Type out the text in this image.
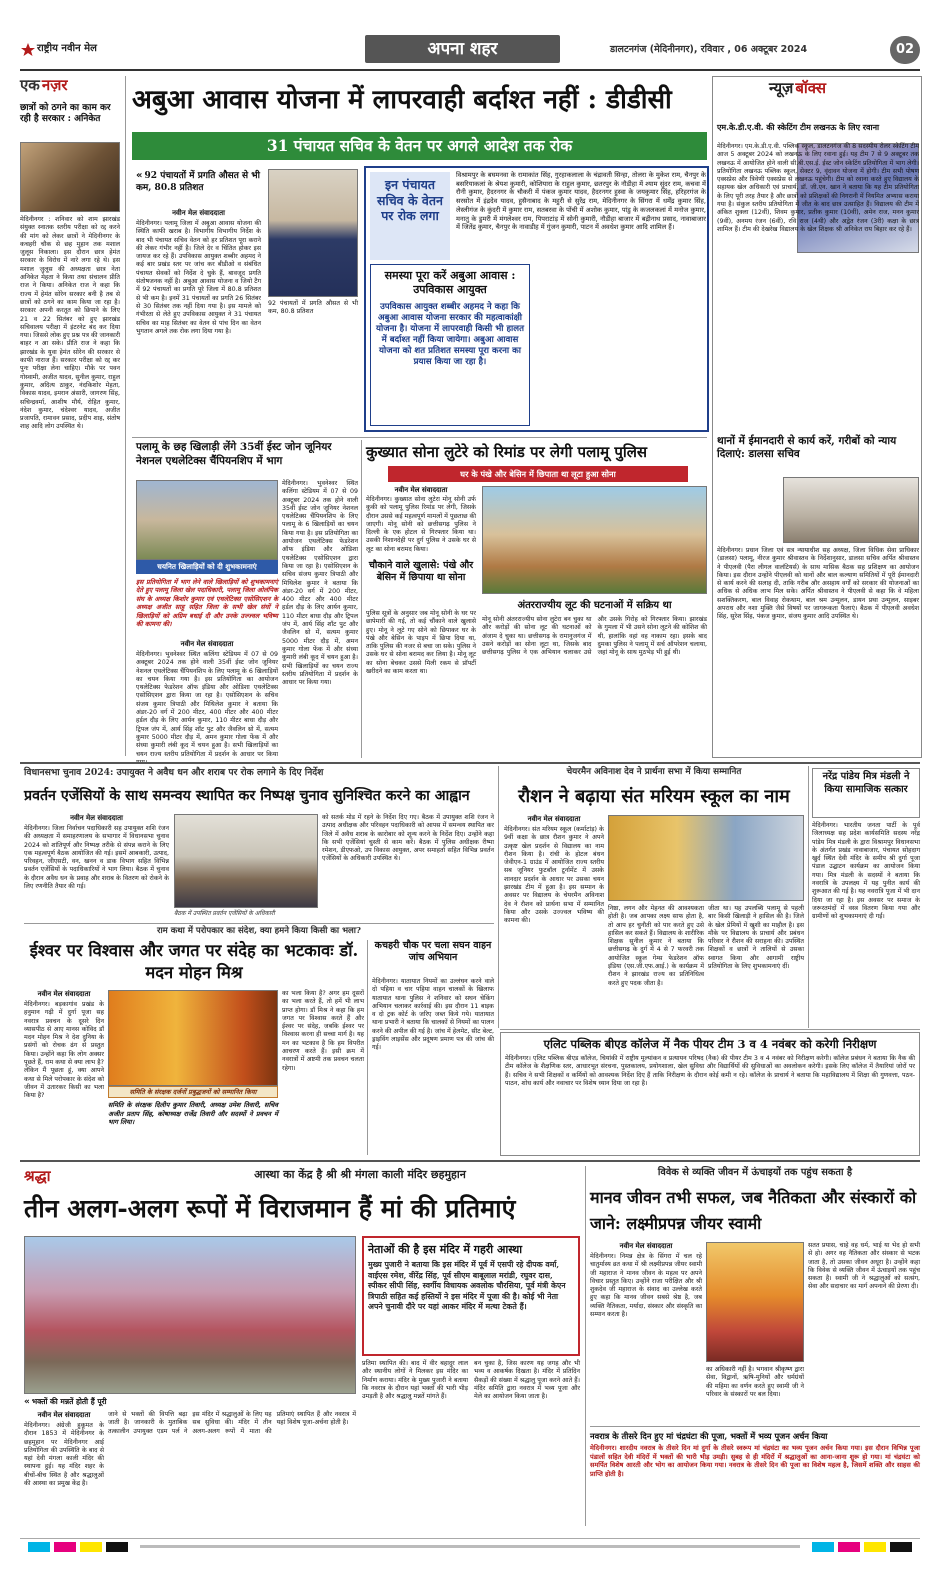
राष्ट्रीय नवीन मेल	अपना शहर	डालटनगंज (मेदिनीनगर), रविवार , 06 अक्टूबर 2024	02
एक नज़र
छात्रों को ठगने का काम कर रही है सरकार : अनिकेत
मेदिनीनगर : शनिवार को शाम झारखंड संयुक्त स्नातक स्तरीय परीक्षा को रद्द करने की मांग को लेकर छात्रों ने मेदिनीनगर के कचहरी चौक से छह मुहान तक मशाल जुलूस निकाला। इस दौरान छात्र हेमंत सरकार के विरोध में नारे लगा रहे थे। इस मशाल जुलूस की अध्यक्षता छात्र नेता अनिकेत मेहता ने किया तथा संचालन प्रीति राज ने किया। अनिकेत राज ने कहा कि राज्य में हेमंत सोरेन सरकार बनी है तब से छात्रों को ठगने का काम किया जा रहा है। सरकार अपनी करतूत को छिपाने के लिए 21 व 22 सितंबर को हुए झारखंड सचिवालय परीक्षा में इंटरनेट बंद कर दिया गया। जिससे लोक हुए प्रश्न पत्र की जानकारी बाहर न आ सके। प्रीति राज ने कहा कि झारखंड के युवा हेमंत सोरेन की सरकार से काफी नाराज हैं। सरकार परीक्षा को रद्द कर पुनः परीक्षा लेना चाहिए। मौके पर पवन गोस्वामी, अजीत यादव, सुनील कुमार, राहुल कुमार, अदित्य ठाकुर, नंदकिशोर मेहता, विकास यादव, इमरान अंसारी, जागरण सिंह, सचिन्द्रवर्मा, आशीष मौर्य, रोहित कुमार, नंदेश कुमार, चंदेश्वर यादव, अजीत प्रजापति, रामावन प्रसाद, प्रदीप शाह, संतोष शाह आदि लोग उपस्थित थे।
अबुआ आवास योजना में लापरवाही बर्दाश्त नहीं : डीडीसी
31 पंचायत सचिव के वेतन पर अगले आदेश तक रोक
« 92 पंचायतों में प्रगति औसत से भी कम, 80.8 प्रतिशत
नवीन मेल संवाददाता
मेदिनीनगर। पलामू जिला में अबुआ आवास योजना की स्थिति काफी खराब है। विभागीय विभागीय निर्देश के बाद भी पंचायत सचिव वेतन को हर प्रतिशत पूरा कराने की लेकर गंभीर नहीं है। जिले देर व चिंतित होकर इस जायज कर रहे हैं। उपविकास आयुक्त शब्बीर अहमद ने कई बार प्रखंड स्तर पर जांच कर बीडीओ व संबंधित पंचायत सेवकों को निर्देश दे चुके हैं, बावजूद प्रगति संतोषजनक नहीं है। अबुआ आवास योजना व जियो टैग में 92 पंचायतों का प्रगति पूरे जिला में 80.8 प्रतिशत से भी कम है। इनमें 31 पंचायतों का प्रगति 26 सितंबर से 30 सितंबर तक नहीं दिया गया है। इस मामले को गंभीरता से लेते हुए उपविकास आयुक्त ने 31 पंचायत सचिव का माह सितंबर का वेतन से पांच दिन का वेतन भुगतान अगले तक रोक लगा दिया गया है।
92 पंचायतों में प्रगति औसत से भी कम, 80.8 प्रतिशत
इन पंचायत सचिव के वेतन पर रोक लगा
विश्रामपुर के बघमनवा के रामाकांत सिंह, गुरहाकलाला के चंद्रावती सिन्हा, तोलरा के मुकेश राम, चैनपुर के बसरियाकलां के श्रेयश कुमारी, कोशियारा के राहुल कुमार, छतरपुर के नौडीहा में श्याम सुंदर राम, कचवा में रौनी कुमार, हैदरनगर के चौकरी में पंकज कुमार यादव, हैदरनगर हुस्वा के जयकुमार सिंह, हरिहरगंज के सरसोत में इंद्रदेव यादव, हुसैनाबाद के महुरी से सुरेंद्र राम, मेदिनीनगर के सिंगरा में धर्मेंद्र कुमार सिंह, लेस्लीगंज के कुंदरी में कुमार राम, सतबरवा के पोंची में अशोक कुमार, पांडु के कजलकलां में मनोज कुमार, मनातु के डुमरी में मंगलेश्वर राम, पिपराटांड़ में सोनी कुमारी, नौडीहा बाजार में बद्रीनाथ प्रसाद, नावाबाजार में जितेंद्र कुमार, चैनपुर के नावाडीह में गुंजन कुमारी, पाटन में अवधेश कुमार आदि शामिल हैं।
समस्या पूरा करें अबुआ आवास : उपविकास आयुक्त
उपविकास आयुक्त शब्बीर अहमद ने कहा कि अबुआ आवास योजना सरकार की महत्वाकांक्षी योजना है। योजना में लापरवाही किसी भी हालत में बर्दाश्त नहीं किया जायेगा। अबुआ आवास योजना को शत प्रतिशत समस्या पूरा करना का प्रयास किया जा रहा है।
न्यूज़ बॉक्स
एम.के.डी.ए.वी. की स्केटिंग टीम लखनऊ के लिए रवाना
मेदिनीनगर। एम.के.डी.ए.वी. पब्लिक स्कूल, डालटनगंज की 8 सदस्यीय रोलर स्केटिंग टीम आज 5 अक्टूबर 2024 को लखनऊ के लिए रवाना हुई। यह टीम 7 से 9 अक्टूबर तक लखनऊ में आयोजित होने वाली सी.बी.एस.ई. ईस्ट जोन स्केटिंग प्रतियोगिता में भाग लेगी। प्रतियोगिता लखनऊ पब्लिक स्कूल, सेक्टर 9, वृंदावन योजना में होगी। टीम सभी पोषण एक्सप्रेस और त्रिवेणी एक्सप्रेस से लखनऊ पहुंचेगी। टीम को रवाना करते हुए विद्यालय के सहायक खेल अधिकारी एवं प्राचार्य, डॉ. जी.एन. खान ने बताया कि यह टीम प्रतियोगिता के लिए पूरी तरह तैयार है और छात्रों को प्रशिक्षकों की निगरानी में नियमित अभ्यास कराया गया है। संकुल स्तरीय प्रतियोगिता में जीत के बाद छात्र उत्साहित हैं। विद्यालय की टीम में अंकित शुक्ला (12वीं), शिवम कुमार, प्रतीक कुमार (10वीं), अमेन राज, मनन कुमार (9वीं), अनमय रंजन (6वीं), रवि राज (4थी) और अद्वेत रंजन (3री) कक्षा के छात्र शामिल हैं। टीम की देखरेख विद्यालय के खेल शिक्षक श्री अनिकेत राय बिहार कर रहे हैं।
थानों में ईमानदारी से कार्य करें, गरीबों को न्याय दिलाएं: डालसा सचिव
मेदिनीनगर। प्रधान जिला एवं सत्र न्यायाधीश सह अध्यक्ष, जिला विधिक सेवा प्राधिकार (डालसा) पलामू, नीरज कुमार श्रीवास्तव के निर्देशानुसार, डालसा सचिव अर्पित श्रीवास्तव ने पीएलवी (पैरा लीगल वालंटियर्स) के साथ मासिक बैठक सह प्रशिक्षण का आयोजन किया। इस दौरान उन्होंने पीएलवी को थानों और बाल कल्याण समितियों में पूरी ईमानदारी से कार्य करने की सलाह दी, ताकि गरीब और असहाय वर्गों को सरकार की योजनाओं का अधिक से अधिक लाभ मिल सके। अर्पित श्रीवास्तव ने पीएलवी से कहा कि वे महिला सशक्तिकरण, बाल विवाह रोकथाम, बाल श्रम उन्मूलन, डायन प्रथा उन्मूलन, साइबर अपराध और नशा मुक्ति जैसे विषयों पर जागरूकता फैलाएं। बैठक में पीएलवी अवधेश सिंह, सुरेश सिंह, पंकज कुमार, संजय कुमार आदि उपस्थित थे।
पलामू के छह खिलाड़ी लेंगे 35वीं ईस्ट जोन जूनियर नेशनल एथलेटिक्स चैंपियनशिप में भाग
चयनित खिलाड़ियों को दी शुभकामनाएं
इस प्रतियोगिता में भाग लेने वाले खिलाड़ियों को शुभकामनाएं देते हुए पलामू जिला खेल पदाधिकारी, पलामू जिला ओलंपिक संघ के अध्यक्ष किशोर कुमार एवं एथलेटिक्स एसोसिएशन के अध्यक्ष अजीत साहू सहित जिला के सभी खेल संघों ने खिलाड़ियों को अग्रिम बधाई दी और उनके उज्ज्वल भविष्य की कामना की।
नवीन मेल संवाददाता
मेदिनीनगर। भुवनेश्वर स्थित कलिंगा स्टेडियम में 07 से 09 अक्टूबर 2024 तक होने वाली 35वीं ईस्ट जोन जूनियर नेशनल एथलेटिक्स चैंपियनशिप के लिए पलामू के 6 खिलाड़ियों का चयन किया गया है। इस प्रतियोगिता का आयोजन एथलेटिक्स फेडरेशन ऑफ इंडिया और ओडिशा एथलेटिक्स एसोसिएशन द्वारा किया जा रहा है। एसोसिएशन के सचिव संजय कुमार त्रिपाठी और मिथिलेश कुमार ने बताया कि अंडर-20 वर्ग में 200 मीटर, 400 मीटर और 400 मीटर हर्डल दौड़ के लिए आर्यन कुमार, 110 मीटर बाधा दौड़ और ट्रिपल जंप में, आर्य सिंह शॉट पुट और जैवलिन थ्रो में, सत्यम कुमार 5000 मीटर दौड़ में, अमन कुमार गोला फेंक में और संध्या कुमारी लंबी कूद में चयन हुआ है। सभी खिलाड़ियों का चयन राज्य स्तरीय प्रतियोगिता में प्रदर्शन के आधार पर किया
मेदिनीनगर। भुवनेश्वर स्थित कलिंगा स्टेडियम में 07 से 09 अक्टूबर 2024 तक होने वाली 35वीं ईस्ट जोन जूनियर नेशनल एथलेटिक्स चैंपियनशिप के लिए पलामू के 6 खिलाड़ियों का चयन किया गया है। इस प्रतियोगिता का आयोजन एथलेटिक्स फेडरेशन ऑफ इंडिया और ओडिशा एथलेटिक्स एसोसिएशन द्वारा किया जा रहा है। एसोसिएशन के सचिव संजय कुमार त्रिपाठी और मिथिलेश कुमार ने बताया कि अंडर-20 वर्ग में 200 मीटर, 400 मीटर और 400 मीटर हर्डल दौड़ के लिए आर्यन कुमार, 110 मीटर बाधा दौड़ और ट्रिपल जंप में, आर्य सिंह शॉट पुट और जैवलिन थ्रो में, सत्यम कुमार 5000 मीटर दौड़ में, अमन कुमार गोला फेंक में और संध्या कुमारी लंबी कूद में चयन हुआ है। सभी खिलाड़ियों का चयन राज्य स्तरीय प्रतियोगिता में प्रदर्शन के आधार पर किया गया।
कुख्यात सोना लुटेरे को रिमांड पर लेगी पलामू पुलिस
घर के पंखे और बेसिन में छिपाता था लूटा हुआ सोना
नवीन मेल संवाददाता
मेदिनीनगर। कुख्यात सोना लुटेरा मोनू सोनी उर्फ कुकी को पलामू पुलिस रिमांड पर लेगी, जिसके दौरान उससे कई महत्वपूर्ण मामलों में पूछताछ की जाएगी। मोनू सोनी को छत्तीसगढ़ पुलिस ने दिल्ली के एक होटल से गिरफ्तार किया था। उसकी निशानदेही पर दुर्ग पुलिस ने उसके घर से लूट का सोना बरामद किया।
चौकाने वाले खुलासे: पंखे और बेसिन में छिपाया था सोना
पुलिस सूत्रों के अनुसार जब मोनू सोनी के घर पर छापेमारी की गई, तो कई चौंकाने वाले खुलासे हुए। मोनू ने लूटे गए सोने को छिपाकर घर के पंखे और बेसिन के पाइप में छिपा दिया था, ताकि पुलिस की नजर से बचा जा सके। पुलिस ने उसके घर से सोना बरामद कर लिया है। मोनू लूट का सोना बेचकर उससे मिली रकम से प्रॉपर्टी खरीदने का काम करता था।
अंतरराज्यीय लूट की घटनाओं में सक्रिय था
मोनू सोनी अंतरराज्यीय सोना लुटेरा बन चुका था और करोड़ों की सोना लूट की घटनाओं को अंजाम दे चुका था। छत्तीसगढ़ के रामानुजगंज में उसने करोड़ों का सोना लूटा था, जिसके बाद छत्तीसगढ़ पुलिस ने एक अभियान चलाकर उसे और उसके गिरोह को गिरफ्तार किया। झारखंड के गुमला में भी उसने सोना लूटने की कोशिश की थी, हालांकि वहां वह नाकाम रहा। इसके बाद दुमका पुलिस ने पलामू में सर्च ऑपरेशन चलाया, जहां मोनू के साथ मुठभेड़ भी हुई थी।
विधानसभा चुनाव 2024: उपायुक्त ने अवैध धन और शराब पर रोक लगाने के दिए निर्देश
प्रवर्तन एजेंसियों के साथ समन्वय स्थापित कर निष्पक्ष चुनाव सुनिश्चित करने का आह्वान
नवीन मेल संवाददाता
मेदिनीनगर। जिला निर्वाचन पदाधिकारी सह उपायुक्त शशि रंजन की अध्यक्षता में समाहरणालय के सभागार में विधानसभा चुनाव 2024 को शांतिपूर्ण और निष्पक्ष तरीके से संपन्न कराने के लिए एक महत्वपूर्ण बैठक आयोजित की गई। इसमें आबकारी, उत्पाद, परिवहन, जीएसटी, वन, खनन व डाक विभाग सहित विभिन्न प्रवर्तन एजेंसियों के पदाधिकारियों ने भाग लिया। बैठक में चुनाव के दौरान अवैध धन के प्रवाह और शराब के वितरण को रोकने के लिए रणनीति तैयार की गई।
बैठक में उपस्थित प्रवर्तन एजेंसियों के अधिकारी
को सतर्क मोड में रहने के निर्देश दिए गए। बैठक में उपायुक्त शशि रंजन ने उत्पाद अधीक्षक और परिवहन पदाधिकारी को आपस में समन्वय स्थापित कर जिले में अवैध शराब के कारोबार को शून्य करने के निर्देश दिए। उन्होंने कहा कि सभी एजेंसियां चुस्ती से काम करें। बैठक में पुलिस अधीक्षक रीष्मा रमेशन, डीएफओ, उप विकास आयुक्त, अपर समाहर्ता सहित विभिन्न प्रवर्तन एजेंसियों के अधिकारी उपस्थित थे।
राम कथा में परोपकार का संदेश, क्या हमने किया किसी का भला?
ईश्वर पर विश्वास और जगत पर संदेह का भटकावः डॉ. मदन मोहन मिश्र
नवीन मेल संवाददाता
मेदिनीनगर। बड़कागांव प्रखंड के हनुमान गढ़ी में दुर्गा पूजा सह नवरात्र प्रवचन के दूसरे दिन व्यासपीठ से आए मानस कोविद डॉ मदन मोहन मिश्र ने देश दुनिया के प्रसंगों को रोचक ढंग से प्रस्तुत किया। उन्होंने कहा कि लोग अक्सर पूछते हैं, राम कथा से क्या लाभ है? लेकिन मैं पूछता हूं, क्या आपने कथा से मिले परोपकार के संदेश को जीवन में उतारकर किसी का भला किया है?	समिति के संरक्षक दर्जनों प्रबुद्धजनों को सम्मानित किया
समिति के संरक्षक दिलीप कुमार तिवारी, अध्यक्ष उमेश तिवारी, सचिव अजीत प्रताप सिंह, कोषाध्यक्ष राजेंद्र तिवारी और सदस्यों ने प्रवचन में भाग लिया।
का भला किया है? अगर हम दूसरों का भला करते हैं, तो हमें भी लाभ प्राप्त होगा। डॉ मिश्र ने कहा कि हम जगत पर विश्वास करते हैं और ईश्वर पर संदेह, जबकि ईश्वर पर विश्वास करना ही सच्चा मार्ग है। यह मन का भटकाव है कि हम विपरीत आचरण करते हैं। इसी क्रम में नवरात्रों में अष्टमी तक प्रवचन चलता रहेगा।
कचहरी चौक पर चला सघन वाहन जांच अभियान
मेदिनीनगर। यातायात नियमों का उल्लंघन करने वाले दो पहिया व चार पहिया वाहन चालकों के खिलाफ यातायात थाना पुलिस ने शनिवार को सघन चेकिंग अभियान चलाकर कार्रवाई की। इस दौरान 11 बाइक व दो ट्रक कोर्ट के जरिए जब्त किये गये। यातायात थाना प्रभारी ने बताया कि चालकों से नियमों का पालन करने की अपील की गई है। जांच में हेलमेट, सीट बेल्ट, ड्राइविंग लाइसेंस और प्रदूषण प्रमाण पत्र की जांच की गई।
चेयरमैन अविनाश देव ने प्रार्थना सभा में किया सम्मानित
रौशन ने बढ़ाया संत मरियम स्कूल का नाम
नवीन मेल संवाददाता
मेदिनीनगर। संत मरियम स्कूल (कर्माटांड़) के 9वीं कक्षा के छात्र रौशन कुमार ने अपने उत्कृष्ट खेल प्रदर्शन से विद्यालय का नाम रौशन किया है। रांची के होटल बंधन जेवीएन-1 ग्राउंड में आयोजित राज्य स्तरीय सब जूनियर फुटबॉल टूर्नामेंट में उसके शानदार प्रदर्शन के आधार पर उसका चयन झारखंड टीम में हुआ है। इस सम्मान के अवसर पर विद्यालय के चेयरमैन अविनाश देव ने रौशन को प्रार्थना सभा में सम्मानित किया और उसके उज्ज्वल भविष्य की कामना की।
निष्ठा, लगन और मेहनत की आवश्यकता होती है। जब आपका लक्ष्य साफ होता है, तो आप हर चुनौती को पार करते हुए उसे हासिल कर सकते हैं। विद्यालय के शारीरिक शिक्षक सुनील कुमार ने बताया कि छत्तीसगढ़ के दुर्ग में 4 से 7 फरवरी तक आयोजित स्कूल गेम्स फेडरेशन ऑफ इंडिया (एस.जी.एफ.आई.) के कार्यक्रम में रौशन ने झारखंड राज्य का प्रतिनिधित्व करते हुए पदक जीता है।
जीता था। यह उपलब्धि पलामू से पहली बार किसी खिलाड़ी ने हासिल की है। जिले के खेल प्रेमियों में खुशी का माहौल है। इस मौके पर विद्यालय के प्राचार्य और प्रबंधन परिवार ने रौशन की सराहना की। उपस्थित शिक्षकों व छात्रों ने तालियों से उसका स्वागत किया और आगामी राष्ट्रीय प्रतियोगिता के लिए शुभकामनाएं दीं।
नरेंद्र पांडेय मित्र मंडली ने किया सामाजिक सत्कार
मेदिनीनगर। भारतीय जनता पार्टी के पूर्व जिलाध्यक्ष सह प्रदेश कार्यसमिति सदस्य नरेंद्र पांडेय मित्र मंडली के द्वारा विश्रामपुर विधानसभा के अंतर्गत प्रखंड नावाबाजार, पंचायत सोहदाग खुर्द स्थित देवी मंदिर के समीप श्री दुर्गा पूजा पंडाल उद्घाटन कार्यक्रम का आयोजन किया गया। मित्र मंडली के सदस्यों ने बताया कि नवरात्रि के उपलक्ष्य में यह पुनीत कार्य की शुरूआत की गई है। यह नवरात्रि पूजा में भी दान दिया जा रहा है। इस अवसर पर समाज के जरूरतमंदों में वस्त्र वितरण किया गया और ग्रामीणों को शुभकामनाएं दी गईं।
एलिट पब्लिक बीएड कॉलेज में नैक पीयर टीम 3 व 4 नवंबर को करेगी निरीक्षण
मेदिनीनगर। एलिट पब्लिक बीएड कॉलेज, चियांकी में राष्ट्रीय मूल्यांकन व प्रत्यायन परिषद (नैक) की पीयर टीम 3 व 4 नवंबर को निरीक्षण करेगी। कॉलेज प्रबंधन ने बताया कि नैक की टीम कॉलेज के शैक्षणिक स्तर, आधारभूत संरचना, पुस्तकालय, प्रयोगशाला, खेल सुविधा और विद्यार्थियों की सुविधाओं का अवलोकन करेगी। इसके लिए कॉलेज में तैयारियां जोरों पर हैं। सचिव ने सभी शिक्षकों व कर्मियों को आवश्यक निर्देश दिए हैं ताकि निरीक्षण के दौरान कोई कमी न रहे। कॉलेज के प्राचार्य ने बताया कि महाविद्यालय में शिक्षा की गुणवत्ता, पठन-पाठन, शोध कार्य और नवाचार पर विशेष ध्यान दिया जा रहा है।
श्रद्धा	आस्था का केंद्र है श्री श्री मंगला काली मंदिर छहमुहान
तीन अलग-अलग रूपों में विराजमान हैं मां की प्रतिमाएं
« भक्तों की मन्नतें होती हैं पूरी
नवीन मेल संवाददाता
मेदिनीनगर। अंग्रेजी हुकूमत के दौरान 1853 में मेदिनीनगर के छहमुहान पर मेदिनीनगर आई प्रतियोगिता की उपस्थिति के बाद से यहां देवी मंगला काली मंदिर की स्थापना हुई। यह मंदिर शहर के बीचों-बीच स्थित है और श्रद्धालुओं की आस्था का प्रमुख केंद्र है।
जाने से भक्तों की विपत्ति बढ़ा जाती है। जानकारी के मुताबिक तत्कालीन उपायुक्त एडम पर्ल ने इस मंदिर में श्रद्धालुओं के लिए यह सब सुविधा की। मंदिर में तीन अलग-अलग रूपों में माता की प्रतिमाएं स्थापित हैं और नवरात्र में यहां विशेष पूजा-अर्चना होती है।
नेताओं की है इस मंदिर में गहरी आस्था
मुख्य पुजारी ने बताया कि इस मंदिर में पूर्व में एसपी रहे दीपक वर्मा, वाईएस रमेश, वीरेंद्र सिंह, पूर्व सीएम बाबूलाल मरांडी, रघुवर दास, स्पीकर सीपी सिंह, स्वर्गीय विधायक अवलोक चौरसिया, पूर्व मंत्री केएन त्रिपाठी सहित कई हस्तियों ने इस मंदिर में पूजा की है। कोई भी नेता अपने चुनावी दौरे पर यहां आकर मंदिर में मत्था टेकते हैं।
प्रतिमा स्थापित की। बाद में वीर बहादुर लाल और स्थानीय लोगों ने मिलकर इस मंदिर का निर्माण कराया। मंदिर के मुख्य पुजारी ने बताया कि नवरात्र के दौरान यहां भक्तों की भारी भीड़ उमड़ती है और श्रद्धालु मन्नतें मांगते हैं।
बन चुका है, जिस कारण यह जगह और भी भव्य व आकर्षक दिखता है। मंदिर में प्रतिदिन सैकड़ों की संख्या में श्रद्धालु पूजा करने आते हैं। मंदिर समिति द्वारा नवरात्र में भव्य पूजा और मेले का आयोजन किया जाता है।
विवेक से व्यक्ति जीवन में ऊंचाइयों तक पहुंच सकता है
मानव जीवन तभी सफल, जब नैतिकता और संस्कारों को जाने: लक्ष्मीप्रपन्न जीयर स्वामी
नवीन मेल संवाददाता
मेदिनीनगर। निमन्न क्षेत्र के सिंगरा में चल रहे चातुर्मास्य व्रत कथा में श्री लक्ष्मीप्रपन्न जीयर स्वामी जी महाराज ने मानव जीवन के महत्व पर अपने विचार प्रस्तुत किए। उन्होंने राजा परीक्षित और श्री शुकदेव जी महाराज के संवाद का उल्लेख करते हुए कहा कि मानव जीवन सबसे श्रेष्ठ है, जब व्यक्ति नैतिकता, मर्यादा, संस्कार और संस्कृति का सम्मान करता है।
का अधिकारी नहीं है। भगवान श्रीकृष्ण द्वारा सेवा, विद्वानों, ऋषि-मुनियों और धर्मग्रंथों की महिमा का वर्णन करते हुए स्वामी जी ने परिवार के संस्कारों पर बल दिया।
सतत प्रयास, चाहे वह धर्म, भाई या भेद हो सभी से हो। अगर वह नैतिकता और संस्कार से भटक जाता है, तो उसका जीवन अधूरा है। उन्होंने कहा कि विवेक से व्यक्ति जीवन में ऊंचाइयों तक पहुंच सकता है। स्वामी जी ने श्रद्धालुओं को सत्संग, सेवा और सदाचार का मार्ग अपनाने की प्रेरणा दी।
नवरात्र के तीसरे दिन हुए मां चंद्रघंटा की पूजा, भक्तों में भव्य पूजन अर्चन किया
मेदिनीनगर। शारदीय नवरात्र के तीसरे दिन मां दुर्गा के तीसरे स्वरूप मां चंद्रघंटा का भव्य पूजन अर्चन किया गया। इस दौरान विभिन्न पूजा पंडालों सहित देवी मंदिरों में भक्तों की भारी भीड़ उमड़ी। सुबह से ही मंदिरों में श्रद्धालुओं का आना-जाना शुरू हो गया। मां चंद्रघंटा को समर्पित विशेष आरती और भोग का आयोजन किया गया। नवरात्र के तीसरे दिन की पूजा का विशेष महत्व है, जिसमें शक्ति और साहस की प्राप्ति होती है।
